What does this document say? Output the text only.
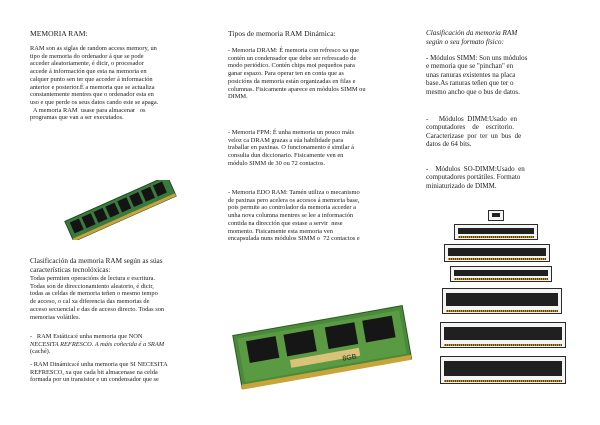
MEMORIA RAM:
RAM son as siglas de random access memory, un
tipo de memoria do ordenador á que se pode
acceder aleatoriamente, é dicir, o procesador
accede á información que esta na memoria en
calquer punto sen ter que acceder á información
anterior e posterior.É a memoria que se actualiza
constantemente mentres que o ordenador esta en
uso e que perde os seus datos cando este se apaga.
A memoria RAM  usase para almacenar   os
programas que van a ser executados.
Clasificación da memoria RAM según as súas
características tecnolóxicas:
Todas permiten operacións de lectura e escritura.
Todas son de direccionamiento aleatorio, é dicir,
todas as celdas de memoria teñen o mesmo tempo
de acceso, o cal xa diferencia das memorias de
acceso secuencial e das de acceso directo. Todas son
memorias volátiles.
-   RAM Estática:é unha memoria que NON
NECESITA REFRESCO. A máis coñecida é a SRAM
(caché).
- RAM Dinámica:é unha memoria que SI NECESITA
REFRESCO, xa que cada bit almacenase na celda
formada por un transistor e un condensador que se
Tipos de memoria RAM Dinámica:
- Memoria DRAM: É memoria con refresco xa que
contén un condensador que debe ser refrescado de
modo periódico. Contén chips moi pequeños para
ganar espazo. Para operar ten en conta que as
posicións da memoria están organizadas en filas e
columnas. Fisicamente aparece en módulos SIMM ou
DIMM.
- Memoria FPM: É unha memoria un pouco máis
veloz ca DRAM grazas a súa habilidade para
traballar en paxinas. O funcionamento é similar á
consulta dun diccionario. Fisicamente ven en
módulo SIMM de 30 ou 72 contactos.
- Memoria EDO RAM: Tamén utiliza o mecanismo
de paxinas pero acelera os accesos á memoria base,
pois permite ao controlador da memoria acceder a
unha nova columna mentres se lee a información
contida na dirección que estase a servir  nese
momento. Fisicamente esta memoria ven
encapsulada nuns módulos SIMM o  72 contactos e
8GB
Clasificación da memoria RAM
según o seu formato físico:
- Módulos SIMM: Son uns módulos
e memoria que se "pinchan" en
unas ranuras existentes na placa
base.As ranuras teñen que ter o
mesmo ancho que o bus de datos.
-      Módulos  DIMM:Usado  en
computadores    de    escritorio.
Caracterizase  por  ter  un  bus  de
datos de 64 bits.
-    Módulos  SO-DIMM:Usado  en
computadores portátiles. Formato
miniaturizado de DIMM.
